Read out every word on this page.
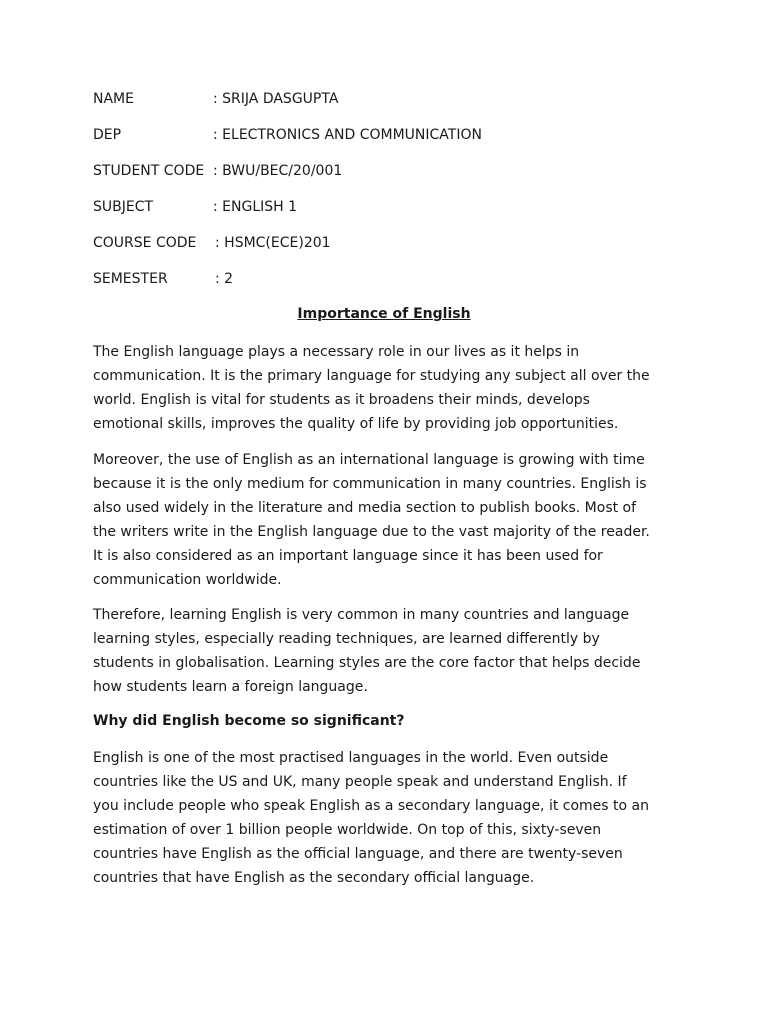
NAME	: SRIJA DASGUPTA
DEP	: ELECTRONICS AND COMMUNICATION
STUDENT CODE : BWU/BEC/20/001
SUBJECT	: ENGLISH 1
COURSE CODE : HSMC(ECE)201
SEMESTER	: 2
Importance of English

The English language plays a necessary role in our lives as it helps in
communication. It is the primary language for studying any subject all over the
world. English is vital for students as it broadens their minds, develops
emotional skills, improves the quality of life by providing job opportunities.

Moreover, the use of English as an international language is growing with time
because it is the only medium for communication in many countries. English is
also used widely in the literature and media section to publish books. Most of
the writers write in the English language due to the vast majority of the reader.
It is also considered as an important language since it has been used for
communication worldwide.

Therefore, learning English is very common in many countries and language
learning styles, especially reading techniques, are learned differently by
students in globalisation. Learning styles are the core factor that helps decide
how students learn a foreign language.

Why did English become so significant?

English is one of the most practised languages in the world. Even outside
countries like the US and UK, many people speak and understand English. If
you include people who speak English as a secondary language, it comes to an
estimation of over 1 billion people worldwide. On top of this, sixty-seven
countries have English as the official language, and there are twenty-seven
countries that have English as the secondary official language.
